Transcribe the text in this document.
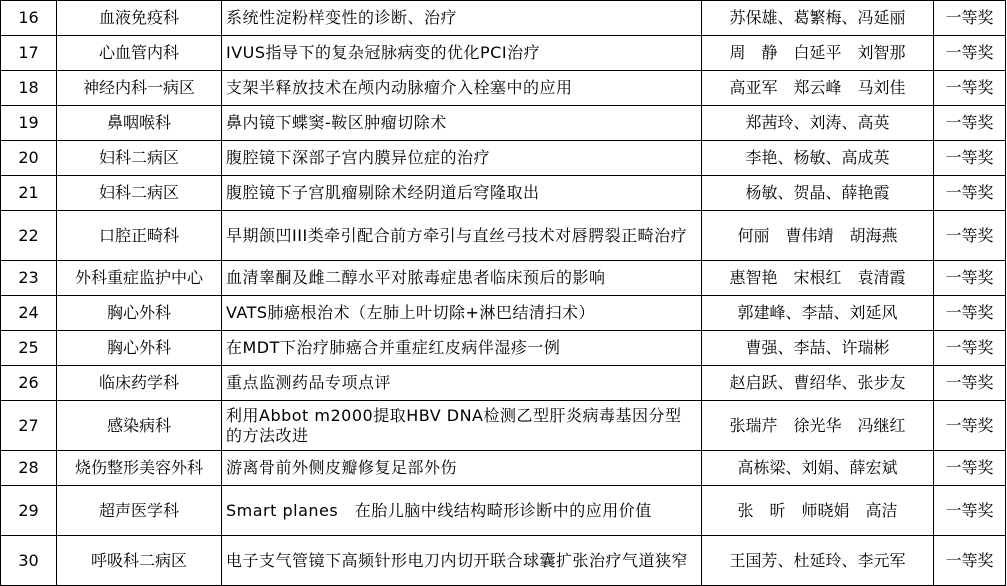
16	血液免疫科	系统性淀粉样变性的诊断、治疗	苏保雄、葛繁梅、冯延丽	一等奖
17	心血管内科	IVUS指导下的复杂冠脉病变的优化PCI治疗	周　静　白延平　刘智那	一等奖
18	神经内科一病区	支架半释放技术在颅内动脉瘤介入栓塞中的应用	高亚军　郑云峰　马刘佳	一等奖
19	鼻咽喉科	鼻内镜下蝶窦-鞍区肿瘤切除术	郑茜玲、刘涛、高英	一等奖
20	妇科二病区	腹腔镜下深部子宫内膜异位症的治疗	李艳、杨敏、高成英	一等奖
21	妇科二病区	腹腔镜下子宫肌瘤剔除术经阴道后穹隆取出	杨敏、贺晶、薛艳霞	一等奖
22	口腔正畸科	早期颌凹III类牵引配合前方牵引与直丝弓技术对唇腭裂正畸治疗	何丽　曹伟靖　胡海燕	一等奖
23	外科重症监护中心	血清睾酮及雌二醇水平对脓毒症患者临床预后的影响	惠智艳　宋根红　袁清霞	一等奖
24	胸心外科	VATS肺癌根治术（左肺上叶切除+淋巴结清扫术）	郭建峰、李喆、刘延风	一等奖
25	胸心外科	在MDT下治疗肺癌合并重症红皮病伴湿疹一例	曹强、李喆、许瑞彬	一等奖
26	临床药学科	重点监测药品专项点评	赵启跃、曹绍华、张步友	一等奖
27	感染病科	利用Abbot m2000提取HBV DNA检测乙型肝炎病毒基因分型的方法改进	张瑞芹　徐光华　冯继红	一等奖
28	烧伤整形美容外科	游离骨前外侧皮瓣修复足部外伤	高栋梁、刘娟、薛宏斌	一等奖
29	超声医学科	Smart planes　在胎儿脑中线结构畸形诊断中的应用价值	张　昕　师晓娟　高洁	一等奖
30	呼吸科二病区	电子支气管镜下高频针形电刀内切开联合球囊扩张治疗气道狭窄	王国芳、杜延玲、李元军	一等奖
